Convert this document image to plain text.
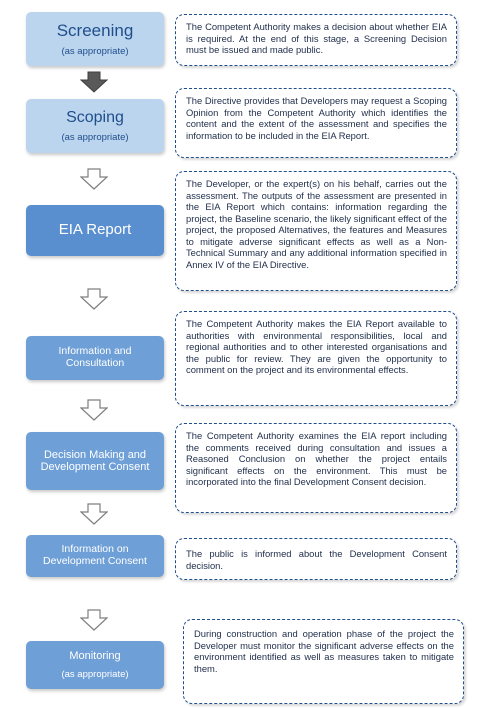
Screening
(as appropriate)
The Competent Authority makes a decision about whether EIA is required. At the end of this stage, a Screening Decision must be issued and made public.
Scoping
(as appropriate)
The Directive provides that Developers may request a Scoping Opinion from the Competent Authority which identifies the content and the extent of the assessment and specifies the information to be included in the EIA Report.
EIA Report
The Developer, or the expert(s) on his behalf, carries out the assessment. The outputs of the assessment are presented in the EIA Report which contains: information regarding the project, the Baseline scenario, the likely significant effect of the project, the proposed Alternatives, the features and Measures to mitigate adverse significant effects as well as a Non-Technical Summary and any additional information specified in Annex IV of the EIA Directive.
Information and Consultation
The Competent Authority makes the EIA Report available to authorities with environmental responsibilities, local and regional authorities and to other interested organisations and the public for review. They are given the opportunity to comment on the project and its environmental effects.
Decision Making and Development Consent
The Competent Authority examines the EIA report including the comments received during consultation and issues a Reasoned Conclusion on whether the project entails significant effects on the environment. This must be incorporated into the final Development Consent decision.
Information on Development Consent
The public is informed about the Development Consent decision.
Monitoring
(as appropriate)
During construction and operation phase of the project the Developer must monitor the significant adverse effects on the environment identified as well as measures taken to mitigate them.
